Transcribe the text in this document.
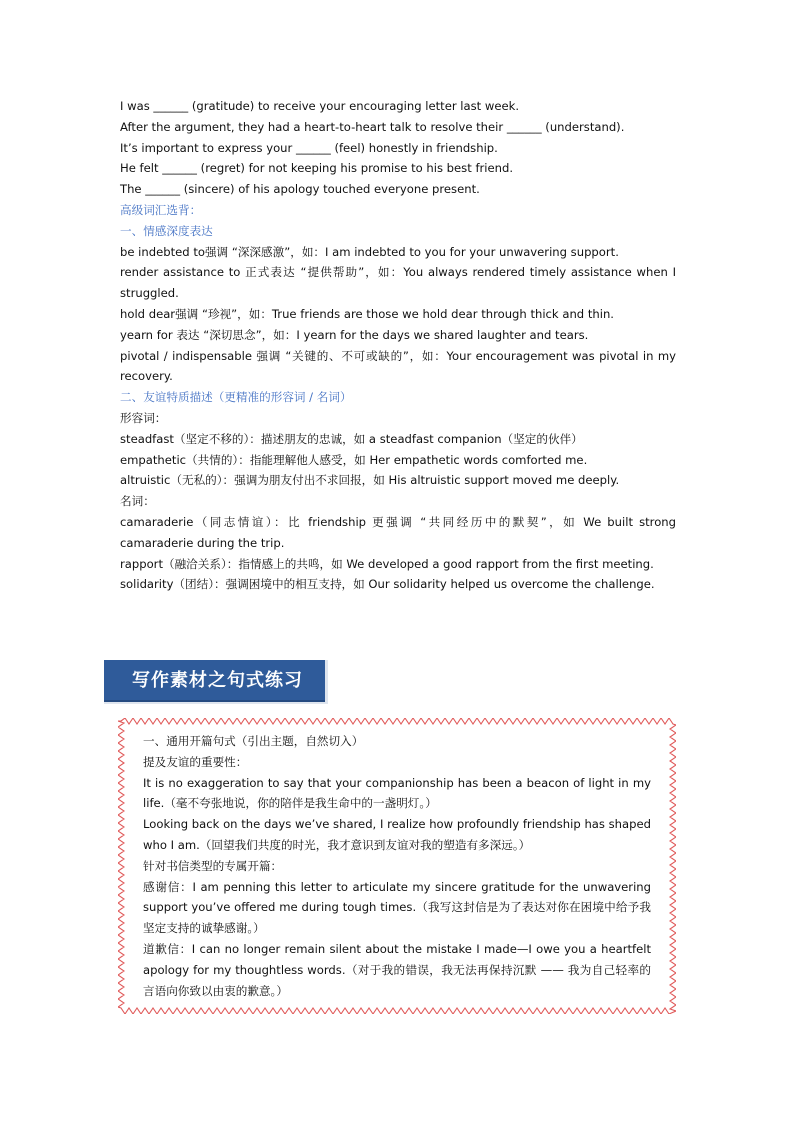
I was ______ (gratitude) to receive your encouraging letter last week.
After the argument, they had a heart-to-heart talk to resolve their ______ (understand).
It’s important to express your ______ (feel) honestly in friendship.
He felt ______ (regret) for not keeping his promise to his best friend.
The ______ (sincere) of his apology touched everyone present.
高级词汇选背：
一、情感深度表达
be indebted to强调 “深深感激”，如：I am indebted to you for your unwavering support.
render assistance to 正式表达 “提供帮助”，如：You always rendered timely assistance when I struggled.
hold dear强调 “珍视”，如：True friends are those we hold dear through thick and thin.
yearn for 表达 “深切思念”，如：I yearn for the days we shared laughter and tears.
pivotal / indispensable 强调 “关键的、不可或缺的”，如：Your encouragement was pivotal in my recovery.
二、友谊特质描述（更精准的形容词 / 名词）
形容词：
steadfast（坚定不移的）：描述朋友的忠诚，如 a steadfast companion（坚定的伙伴）
empathetic（共情的）：指能理解他人感受，如 Her empathetic words comforted me.
altruistic（无私的）：强调为朋友付出不求回报，如 His altruistic support moved me deeply.
名词：
camaraderie（同志情谊）：比 friendship 更强调 “共同经历中的默契”，如 We built strong camaraderie during the trip.
rapport（融洽关系）：指情感上的共鸣，如 We developed a good rapport from the first meeting.
solidarity（团结）：强调困境中的相互支持，如 Our solidarity helped us overcome the challenge.
写作素材之句式练习
一、通用开篇句式（引出主题，自然切入）
提及友谊的重要性：
It is no exaggeration to say that your companionship has been a beacon of light in my life.（毫不夸张地说，你的陪伴是我生命中的一盏明灯。）
Looking back on the days we’ve shared, I realize how profoundly friendship has shaped who I am.（回望我们共度的时光，我才意识到友谊对我的塑造有多深远。）
针对书信类型的专属开篇：
感谢信：I am penning this letter to articulate my sincere gratitude for the unwavering support you’ve offered me during tough times.（我写这封信是为了表达对你在困境中给予我坚定支持的诚挚感谢。）
道歉信：I can no longer remain silent about the mistake I made—I owe you a heartfelt apology for my thoughtless words.（对于我的错误，我无法再保持沉默 —— 我为自己轻率的言语向你致以由衷的歉意。）
